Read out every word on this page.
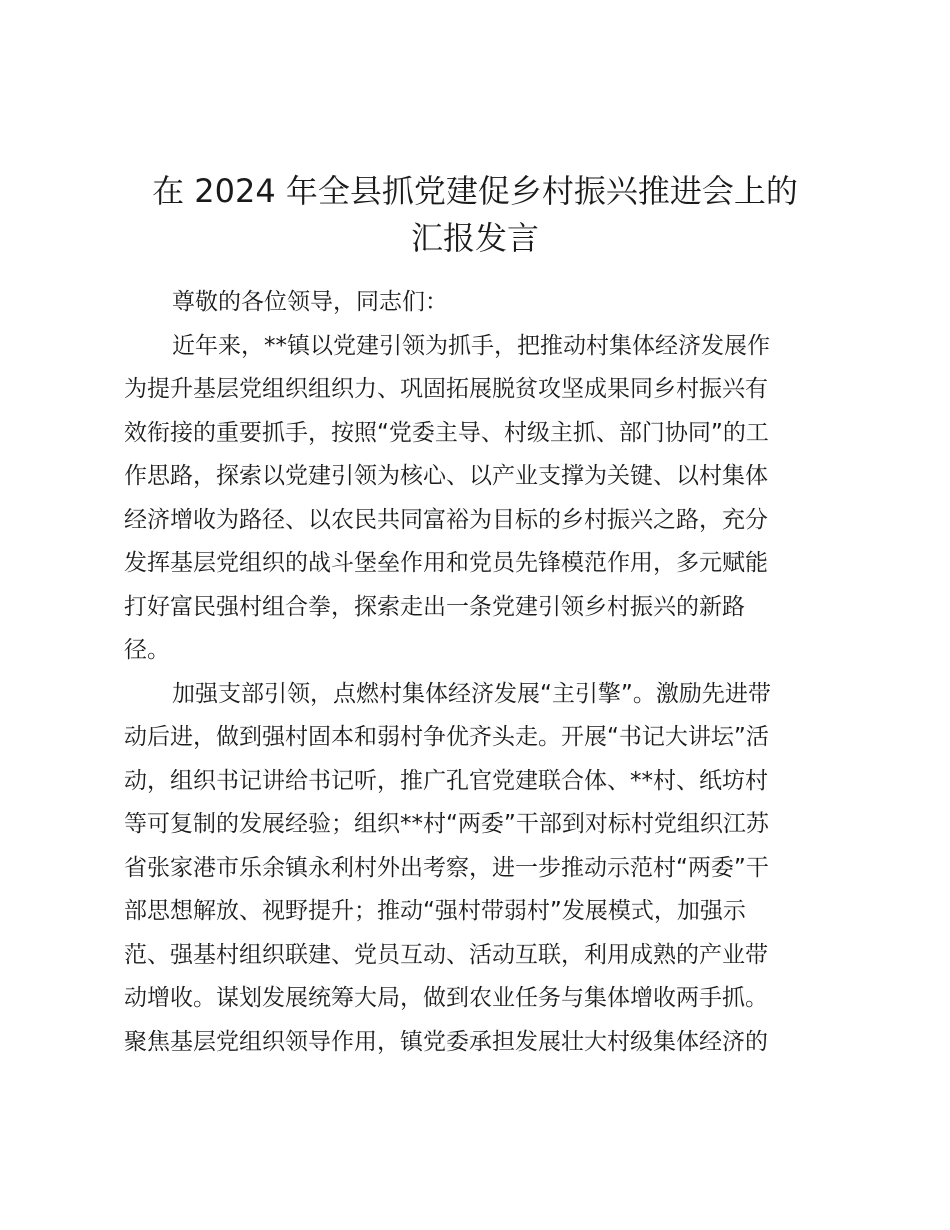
在 2024 年全县抓党建促乡村振兴推进会上的
汇报发言
尊敬的各位领导，同志们：
近年来，**镇以党建引领为抓手，把推动村集体经济发展作
为提升基层党组织组织力、巩固拓展脱贫攻坚成果同乡村振兴有
效衔接的重要抓手，按照“党委主导、村级主抓、部门协同”的工
作思路，探索以党建引领为核心、以产业支撑为关键、以村集体
经济增收为路径、以农民共同富裕为目标的乡村振兴之路，充分
发挥基层党组织的战斗堡垒作用和党员先锋模范作用，多元赋能
打好富民强村组合拳，探索走出一条党建引领乡村振兴的新路
径。
加强支部引领，点燃村集体经济发展“主引擎”。激励先进带
动后进，做到强村固本和弱村争优齐头走。开展“书记大讲坛”活
动，组织书记讲给书记听，推广孔官党建联合体、**村、纸坊村
等可复制的发展经验；组织**村“两委”干部到对标村党组织江苏
省张家港市乐余镇永利村外出考察，进一步推动示范村“两委”干
部思想解放、视野提升；推动“强村带弱村”发展模式，加强示
范、强基村组织联建、党员互动、活动互联，利用成熟的产业带
动增收。谋划发展统筹大局，做到农业任务与集体增收两手抓。
聚焦基层党组织领导作用，镇党委承担发展壮大村级集体经济的
